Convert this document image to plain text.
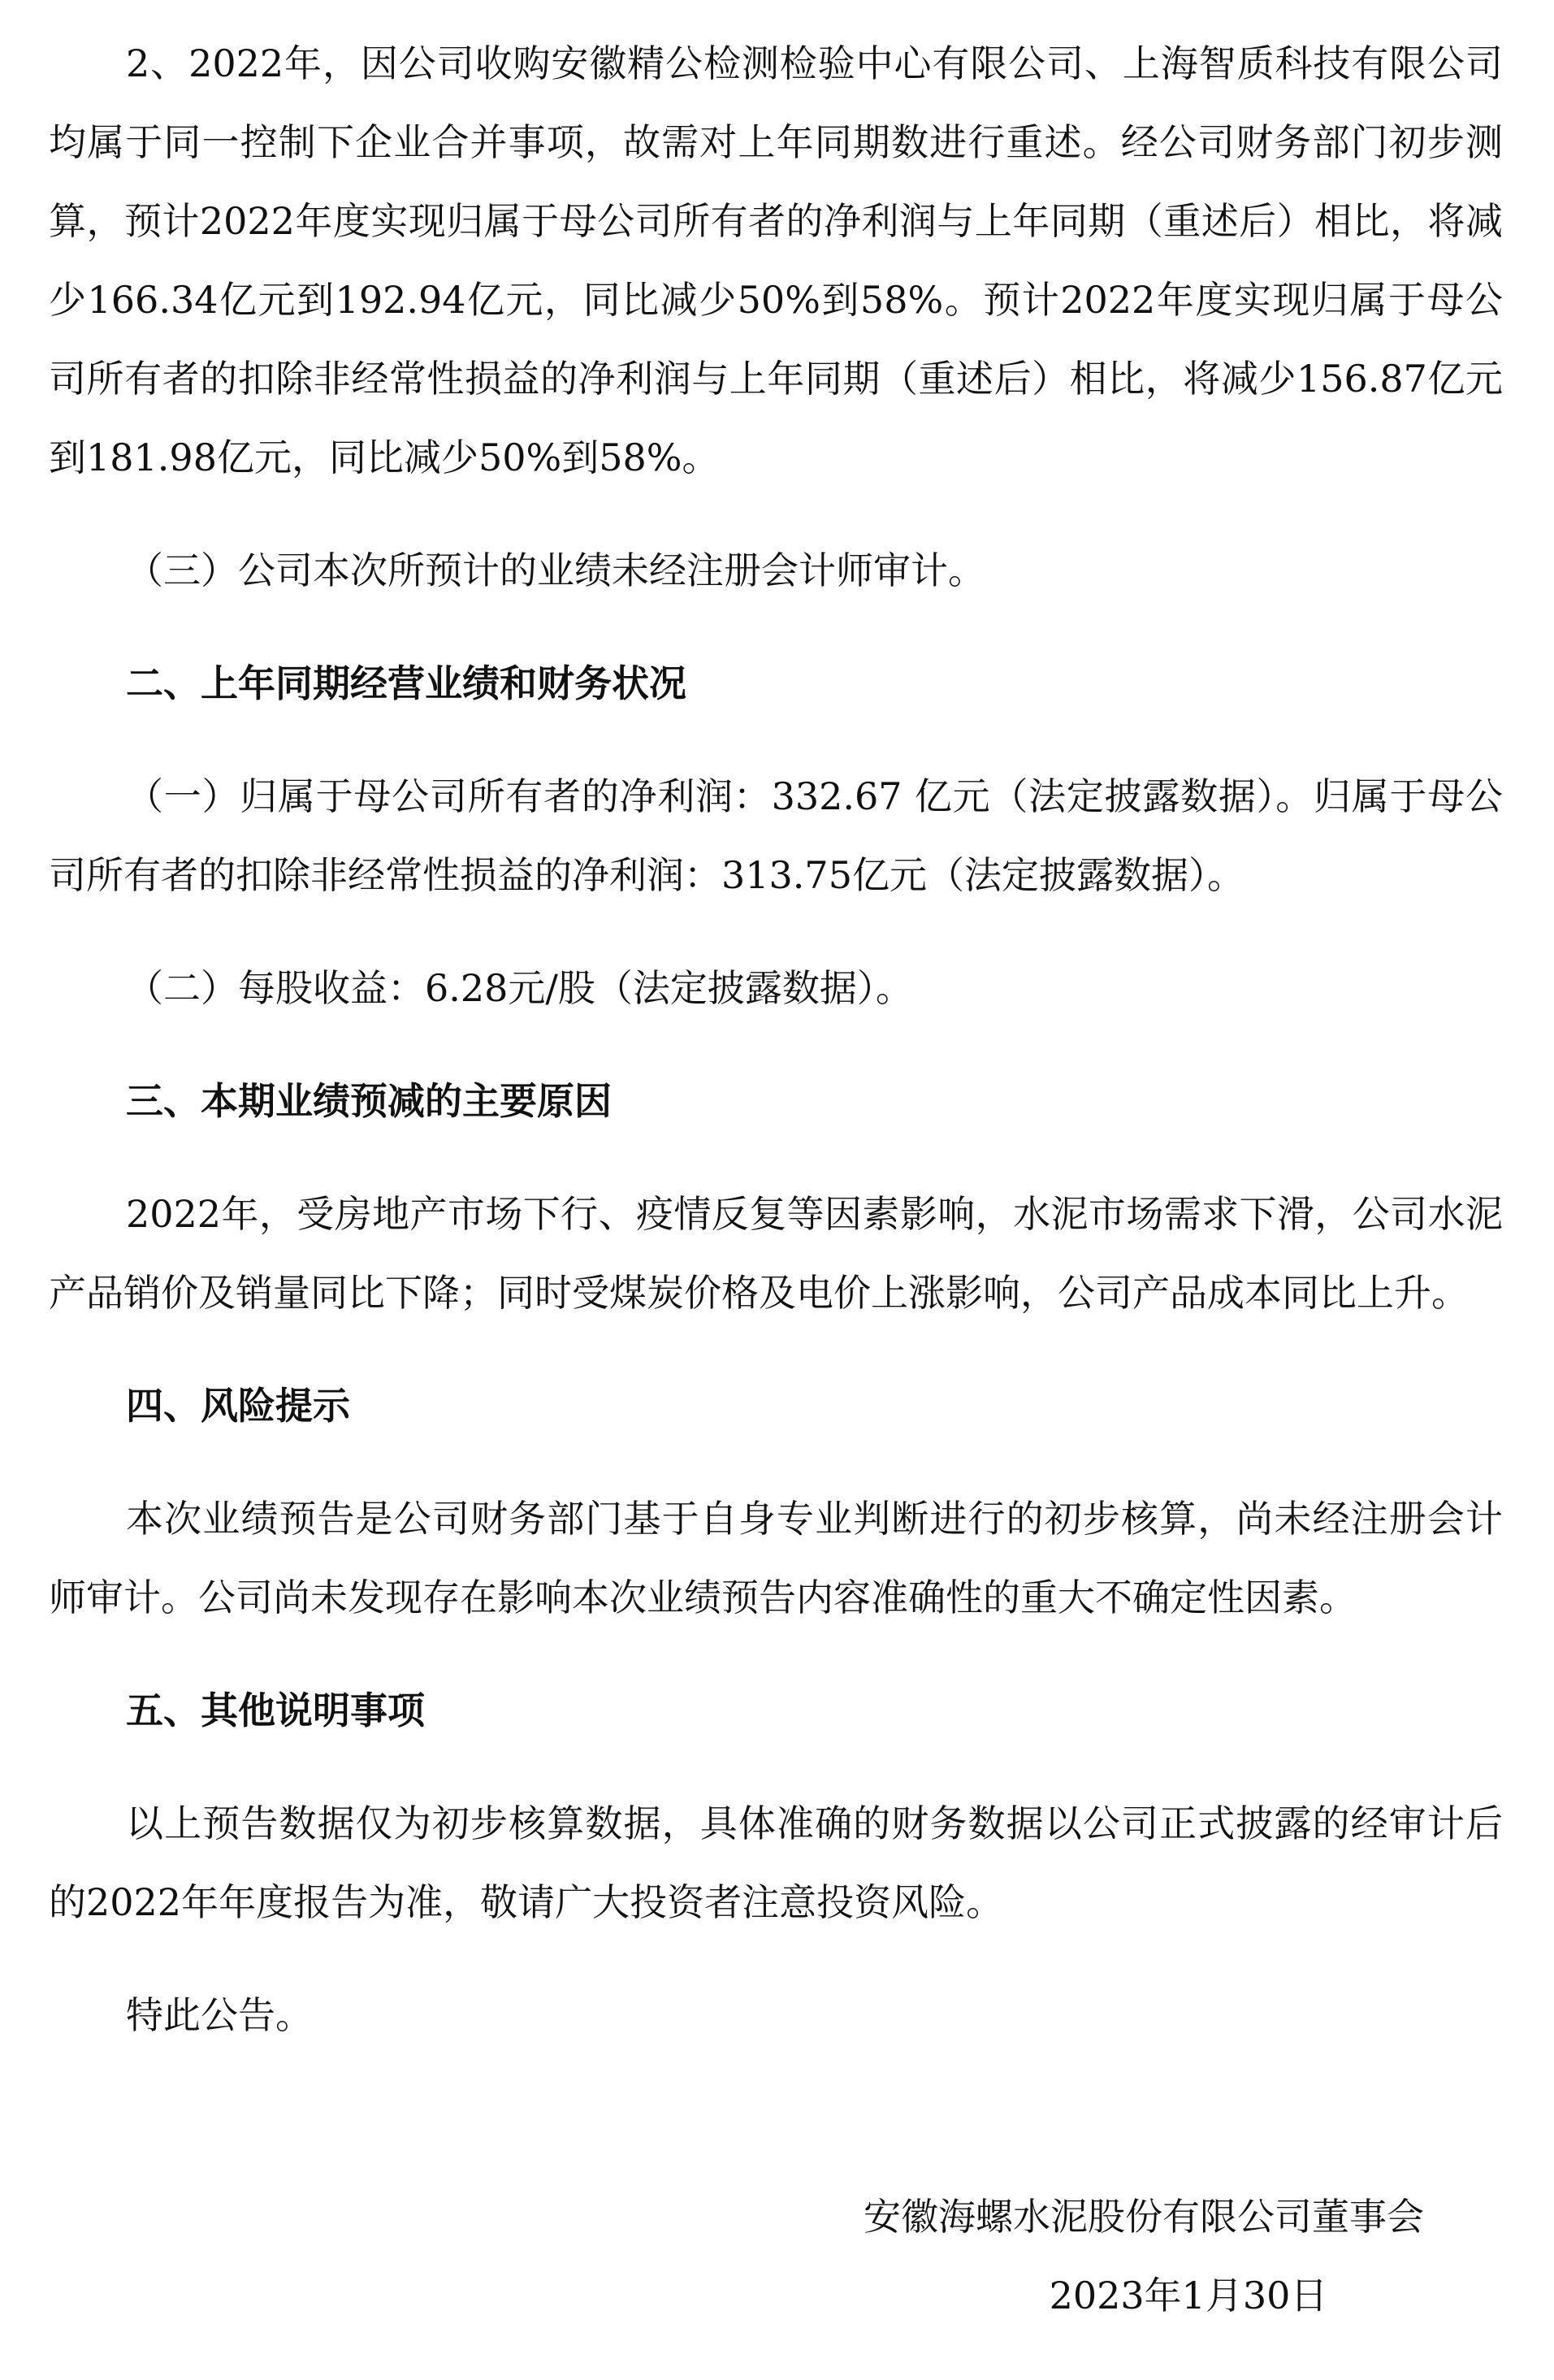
2、2022年，因公司收购安徽精公检测检验中心有限公司、上海智质科技有限公司均属于同一控制下企业合并事项，故需对上年同期数进行重述。经公司财务部门初步测算，预计2022年度实现归属于母公司所有者的净利润与上年同期（重述后）相比，将减少166.34亿元到192.94亿元，同比减少50%到58%。预计2022年度实现归属于母公司所有者的扣除非经常性损益的净利润与上年同期（重述后）相比，将减少156.87亿元到181.98亿元，同比减少50%到58%。

（三）公司本次所预计的业绩未经注册会计师审计。

二、上年同期经营业绩和财务状况

（一）归属于母公司所有者的净利润：332.67 亿元（法定披露数据）。归属于母公司所有者的扣除非经常性损益的净利润：313.75亿元（法定披露数据）。

（二）每股收益：6.28元/股（法定披露数据）。

三、本期业绩预减的主要原因

2022年，受房地产市场下行、疫情反复等因素影响，水泥市场需求下滑，公司水泥产品销价及销量同比下降；同时受煤炭价格及电价上涨影响，公司产品成本同比上升。

四、风险提示

本次业绩预告是公司财务部门基于自身专业判断进行的初步核算，尚未经注册会计师审计。公司尚未发现存在影响本次业绩预告内容准确性的重大不确定性因素。

五、其他说明事项

以上预告数据仅为初步核算数据，具体准确的财务数据以公司正式披露的经审计后的2022年年度报告为准，敬请广大投资者注意投资风险。

特此公告。

安徽海螺水泥股份有限公司董事会
2023年1月30日
